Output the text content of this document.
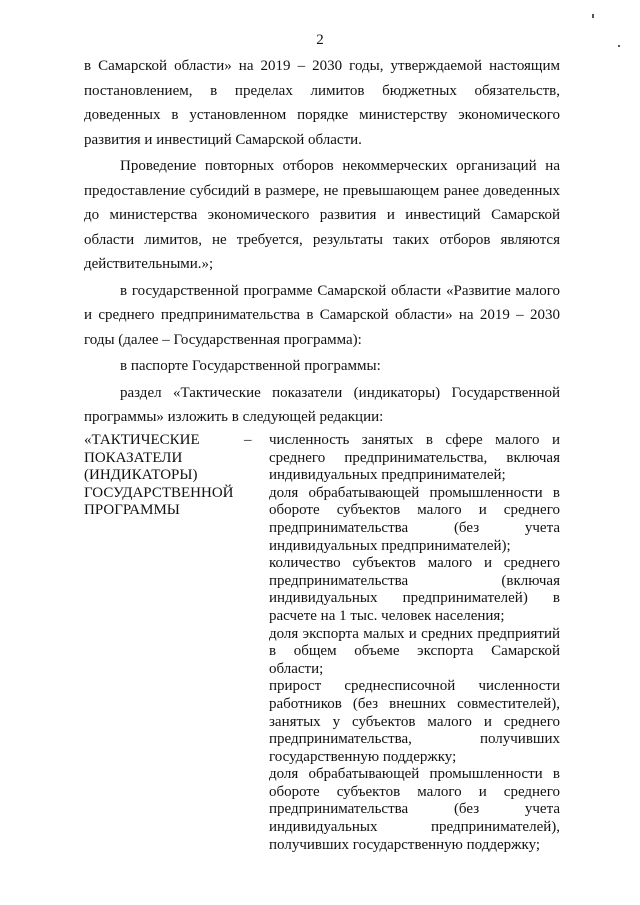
2

в Самарской области» на 2019 – 2030 годы, утверждаемой настоящим постановлением, в пределах лимитов бюджетных обязательств, доведенных в установленном порядке министерству экономического развития и инвестиций Самарской области.

Проведение повторных отборов некоммерческих организаций на предоставление субсидий в размере, не превышающем ранее доведенных до министерства экономического развития и инвестиций Самарской области лимитов, не требуется, результаты таких отборов являются действительными.»;

в государственной программе Самарской области «Развитие малого и среднего предпринимательства в Самарской области» на 2019 – 2030 годы (далее – Государственная программа):

в паспорте Государственной программы:

раздел «Тактические показатели (индикаторы) Государственной программы» изложить в следующей редакции:

«ТАКТИЧЕСКИЕ
ПОКАЗАТЕЛИ
(ИНДИКАТОРЫ)
ГОСУДАРСТВЕННОЙ
ПРОГРАММЫ
– численность занятых в сфере малого и среднего предпринимательства, включая индивидуальных предпринимателей;
доля обрабатывающей промышленности в обороте субъектов малого и среднего предпринимательства (без учета индивидуальных предпринимателей);
количество субъектов малого и среднего предпринимательства (включая индивидуальных предпринимателей) в расчете на 1 тыс. человек населения;
доля экспорта малых и средних предприятий в общем объеме экспорта Самарской области;
прирост среднесписочной численности работников (без внешних совместителей), занятых у субъектов малого и среднего предпринимательства, получивших государственную поддержку;
доля обрабатывающей промышленности в обороте субъектов малого и среднего предпринимательства (без учета индивидуальных предпринимателей), получивших государственную поддержку;
